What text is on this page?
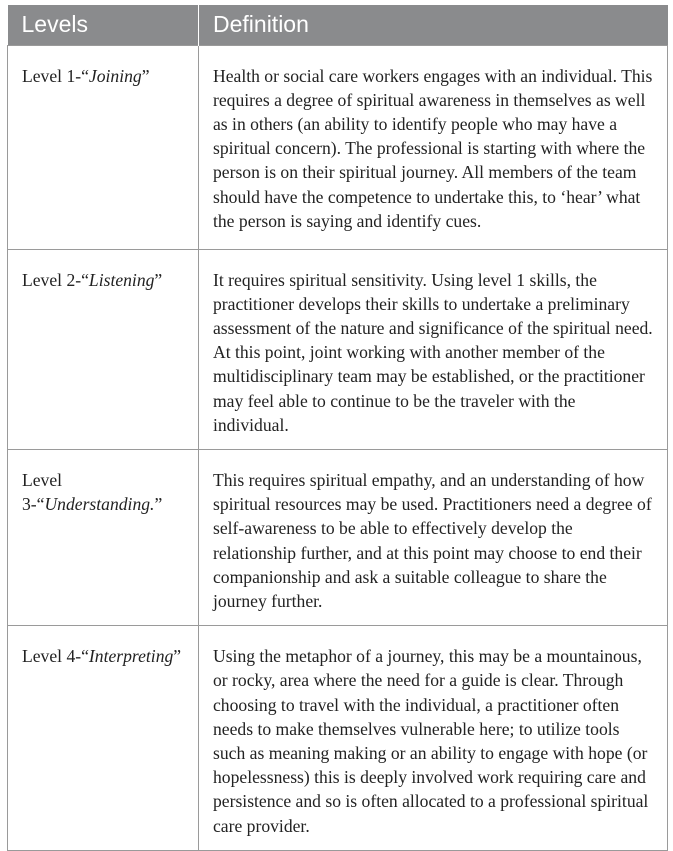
Levels	Definition
Level 1-“Joining”	Health or social care workers engages with an individual. This requires a degree of spiritual awareness in themselves as well as in others (an ability to identify people who may have a spiritual concern). The professional is starting with where the person is on their spiritual journey. All members of the team should have the competence to undertake this, to ‘hear’ what the person is saying and identify cues.
Level 2-“Listening”	It requires spiritual sensitivity. Using level 1 skills, the practitioner develops their skills to undertake a preliminary assessment of the nature and significance of the spiritual need. At this point, joint working with another member of the multidisciplinary team may be established, or the practitioner may feel able to continue to be the traveler with the individual.
Level 3-“Understanding.”	This requires spiritual empathy, and an understanding of how spiritual resources may be used. Practitioners need a degree of self-awareness to be able to effectively develop the relationship further, and at this point may choose to end their companionship and ask a suitable colleague to share the journey further.
Level 4-“Interpreting”	Using the metaphor of a journey, this may be a mountainous, or rocky, area where the need for a guide is clear. Through choosing to travel with the individual, a practitioner often needs to make themselves vulnerable here; to utilize tools such as meaning making or an ability to engage with hope (or hopelessness) this is deeply involved work requiring care and persistence and so is often allocated to a professional spiritual care provider.
